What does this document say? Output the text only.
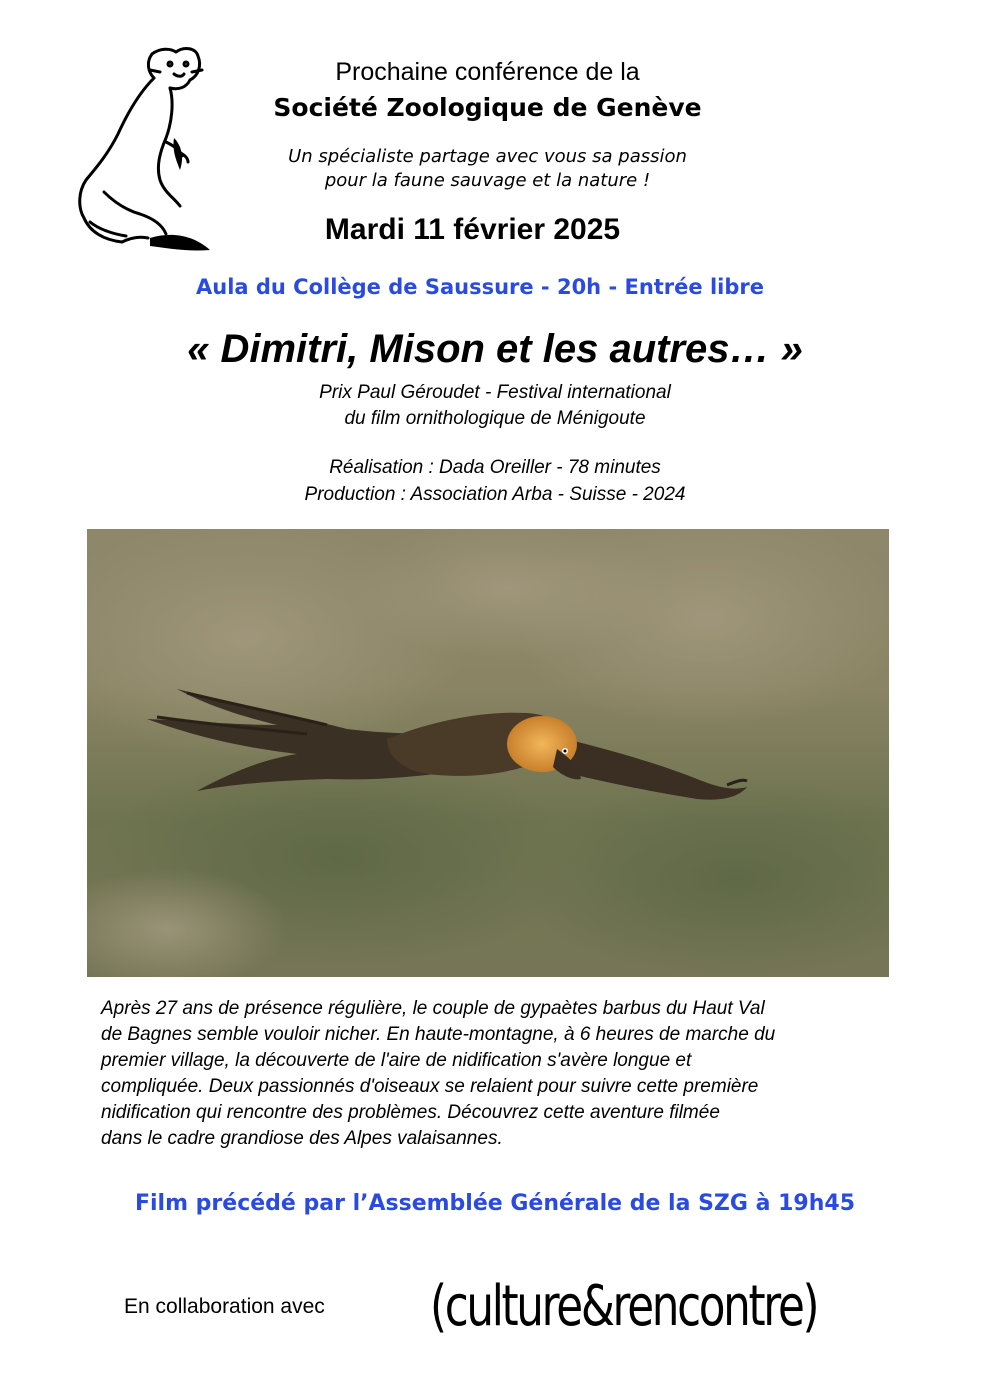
Prochaine conférence de la
Société Zoologique de Genève
Un spécialiste partage avec vous sa passion
pour la faune sauvage et la nature !
Mardi 11 février 2025
Aula du Collège de Saussure - 20h - Entrée libre
« Dimitri, Mison et les autres… »
Prix Paul Géroudet - Festival international
du film ornithologique de Ménigoute
Réalisation : Dada Oreiller - 78 minutes
Production : Association Arba - Suisse - 2024
Après 27 ans de présence régulière, le couple de gypaètes barbus du Haut Val
de Bagnes semble vouloir nicher. En haute-montagne, à 6 heures de marche du
premier village, la découverte de l'aire de nidification s'avère longue et
compliquée. Deux passionnés d'oiseaux se relaient pour suivre cette première
nidification qui rencontre des problèmes. Découvrez cette aventure filmée
dans le cadre grandiose des Alpes valaisannes.
Film précédé par l’Assemblée Générale de la SZG à 19h45
En collaboration avec	(culture&rencontre)
